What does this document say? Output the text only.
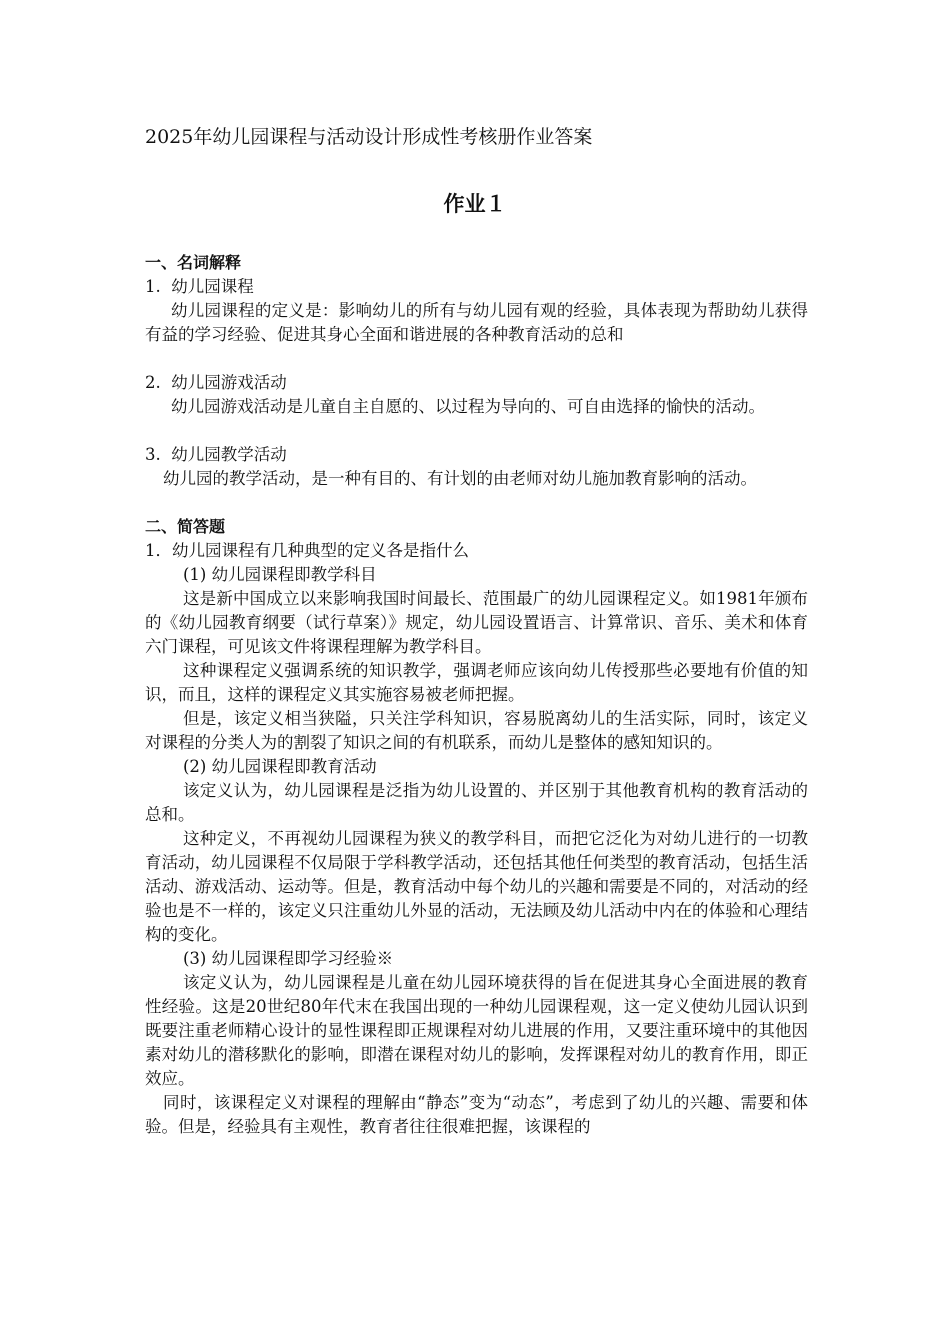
2025年幼儿园课程与活动设计形成性考核册作业答案
作业１

一、名词解释

1.  幼儿园课程

幼儿园课程的定义是：影响幼儿的所有与幼儿园有观的经验，具体表现为帮助幼儿获得有益的学习经验、促进其身心全面和谐进展的各种教育活动的总和

2.  幼儿园游戏活动

幼儿园游戏活动是儿童自主自愿的、以过程为导向的、可自由选择的愉快的活动。

3.  幼儿园教学活动

幼儿园的教学活动，是一种有目的、有计划的由老师对幼儿施加教育影响的活动。

二、简答题

1．幼儿园课程有几种典型的定义各是指什么

(1) 幼儿园课程即教学科目

这是新中国成立以来影响我国时间最长、范围最广的幼儿园课程定义。如1981年颁布的《幼儿园教育纲要（试行草案）》规定，幼儿园设置语言、计算常识、音乐、美术和体育六门课程，可见该文件将课程理解为教学科目。

这种课程定义强调系统的知识教学，强调老师应该向幼儿传授那些必要地有价值的知识，而且，这样的课程定义其实施容易被老师把握。

但是，该定义相当狭隘，只关注学科知识，容易脱离幼儿的生活实际，同时，该定义对课程的分类人为的割裂了知识之间的有机联系，而幼儿是整体的感知知识的。

(2) 幼儿园课程即教育活动

该定义认为，幼儿园课程是泛指为幼儿设置的、并区别于其他教育机构的教育活动的总和。

这种定义，不再视幼儿园课程为狭义的教学科目，而把它泛化为对幼儿进行的一切教育活动，幼儿园课程不仅局限于学科教学活动，还包括其他任何类型的教育活动，包括生活活动、游戏活动、运动等。但是，教育活动中每个幼儿的兴趣和需要是不同的，对活动的经验也是不一样的，该定义只注重幼儿外显的活动，无法顾及幼儿活动中内在的体验和心理结构的变化。

(3) 幼儿园课程即学习经验※

该定义认为，幼儿园课程是儿童在幼儿园环境获得的旨在促进其身心全面进展的教育性经验。这是20世纪80年代末在我国出现的一种幼儿园课程观，这一定义使幼儿园认识到既要注重老师精心设计的显性课程即正规课程对幼儿进展的作用，又要注重环境中的其他因素对幼儿的潜移默化的影响，即潜在课程对幼儿的影响，发挥课程对幼儿的教育作用，即正效应。

同时，该课程定义对课程的理解由“静态”变为“动态”，考虑到了幼儿的兴趣、需要和体验。但是，经验具有主观性，教育者往往很难把握，该课程的
